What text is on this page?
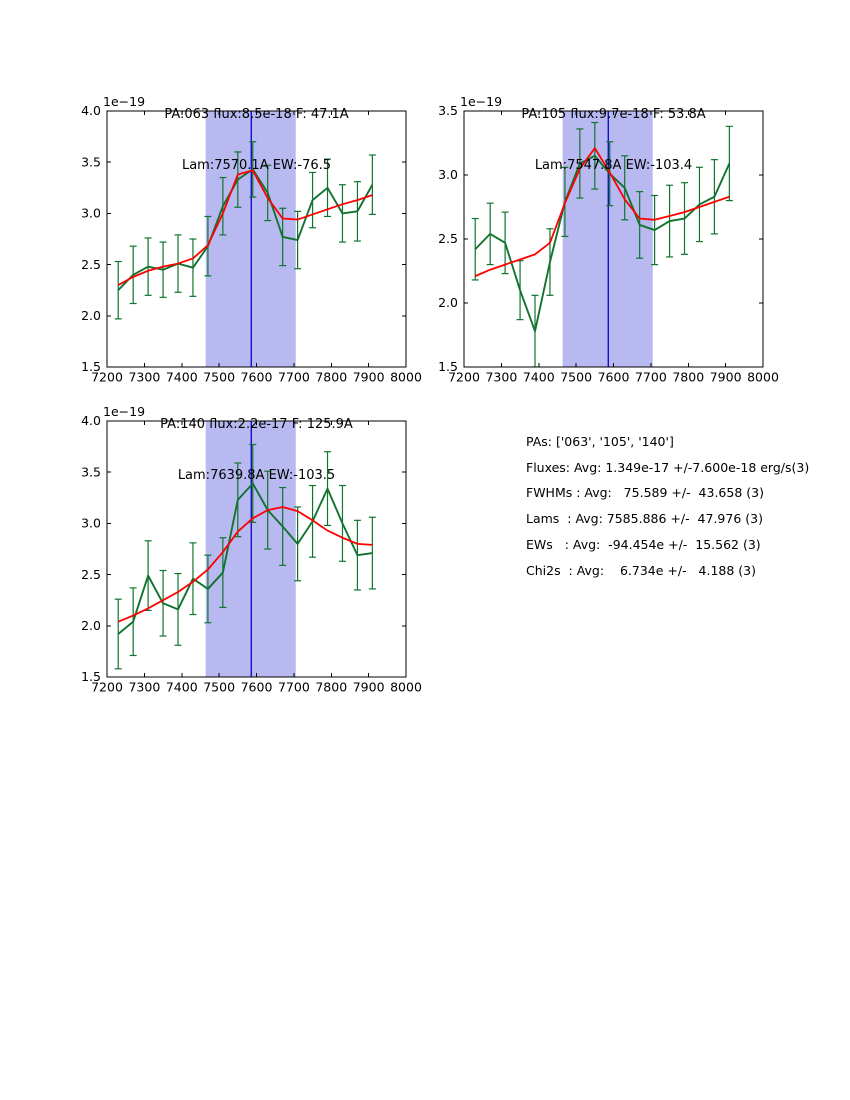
7200 7300 7400 7500 7600 7700 7800 7900 8000
1.5
2.0
2.5
3.0
3.5
4.0
1e−19
7200 7300 7400 7500 7600 7700 7800 7900 8000
1.5
2.0
2.5
3.0
3.5
1e−19
7200 7300 7400 7500 7600 7700 7800 7900 8000
1.5
2.0
2.5
3.0
3.5
4.0
1e−19

PA:063 flux:8.5e-18 F: 47.1A

Lam:7570.1A EW:-76.5

PA:105 flux:9.7e-18 F: 53.8A

Lam:7547.8A EW:-103.4

PA:140 flux:2.2e-17 F: 125.9A

Lam:7639.8A EW:-103.5

PAs: ['063', '105', '140']
Fluxes: Avg: 1.349e-17 +/-7.600e-18 erg/s(3)
FWHMs : Avg:   75.589 +/-  43.658 (3)
Lams  : Avg: 7585.886 +/-  47.976 (3)
EWs   : Avg:  -94.454e +/-  15.562 (3)
Chi2s  : Avg:    6.734e +/-   4.188 (3)
